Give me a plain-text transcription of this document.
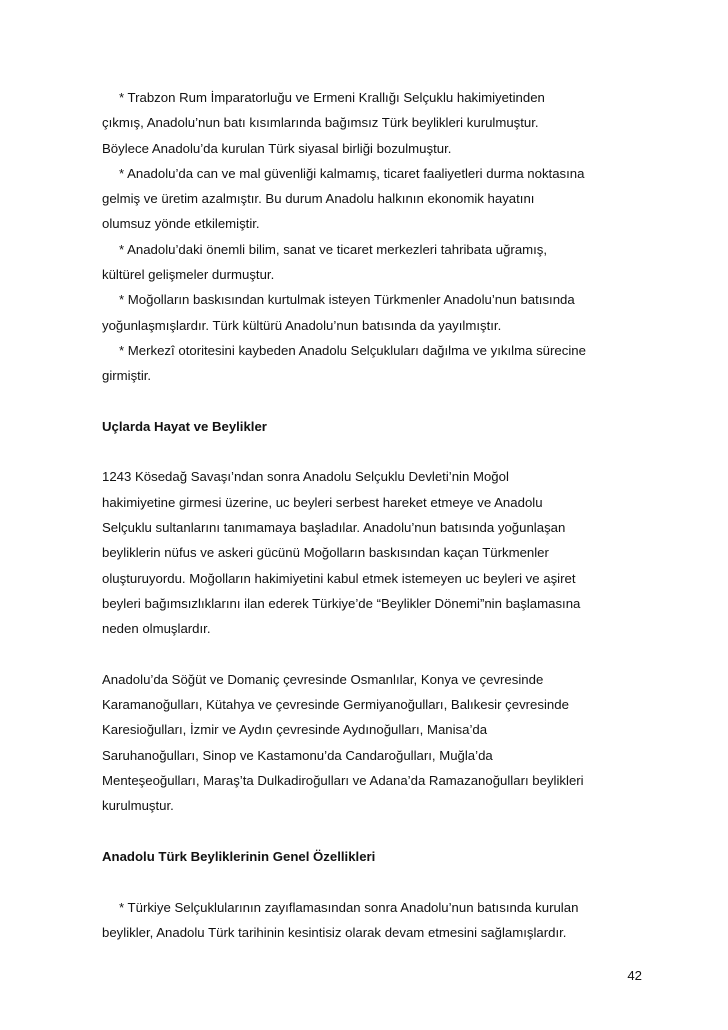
* Trabzon Rum İmparatorluğu ve Ermeni Krallığı Selçuklu hakimiyetinden

çıkmış, Anadolu’nun batı kısımlarında bağımsız Türk beylikleri kurulmuştur.

Böylece Anadolu’da kurulan Türk siyasal birliği bozulmuştur.

* Anadolu’da can ve mal güvenliği kalmamış, ticaret faaliyetleri durma noktasına

gelmiş ve üretim azalmıştır. Bu durum Anadolu halkının ekonomik hayatını

olumsuz yönde etkilemiştir.

* Anadolu’daki önemli bilim, sanat ve ticaret merkezleri tahribata uğramış,

kültürel gelişmeler durmuştur.

* Moğolların baskısından kurtulmak isteyen Türkmenler Anadolu’nun batısında

yoğunlaşmışlardır. Türk kültürü Anadolu’nun batısında da yayılmıştır.

* Merkezî otoritesini kaybeden Anadolu Selçukluları dağılma ve yıkılma sürecine

girmiştir.

Uçlarda Hayat ve Beylikler

1243 Kösedağ Savaşı’ndan sonra Anadolu Selçuklu Devleti’nin Moğol

hakimiyetine girmesi üzerine, uc beyleri serbest hareket etmeye ve Anadolu

Selçuklu sultanlarını tanımamaya başladılar. Anadolu’nun batısında yoğunlaşan

beyliklerin nüfus ve askeri gücünü Moğolların baskısından kaçan Türkmenler

oluşturuyordu. Moğolların hakimiyetini kabul etmek istemeyen uc beyleri ve aşiret

beyleri bağımsızlıklarını ilan ederek Türkiye’de “Beylikler Dönemi”nin başlamasına

neden olmuşlardır.

Anadolu’da Söğüt ve Domaniç çevresinde Osmanlılar, Konya ve çevresinde

Karamanoğulları, Kütahya ve çevresinde Germiyanoğulları, Balıkesir çevresinde

Karesioğulları, İzmir ve Aydın çevresinde Aydınoğulları, Manisa’da

Saruhanoğulları, Sinop ve Kastamonu’da Candaroğulları, Muğla’da

Menteşeoğulları, Maraş’ta Dulkadiroğulları ve Adana’da Ramazanoğulları beylikleri

kurulmuştur.

Anadolu Türk Beyliklerinin Genel Özellikleri

* Türkiye Selçuklularının zayıflamasından sonra Anadolu’nun batısında kurulan

beylikler, Anadolu Türk tarihinin kesintisiz olarak devam etmesini sağlamışlardır.

42
